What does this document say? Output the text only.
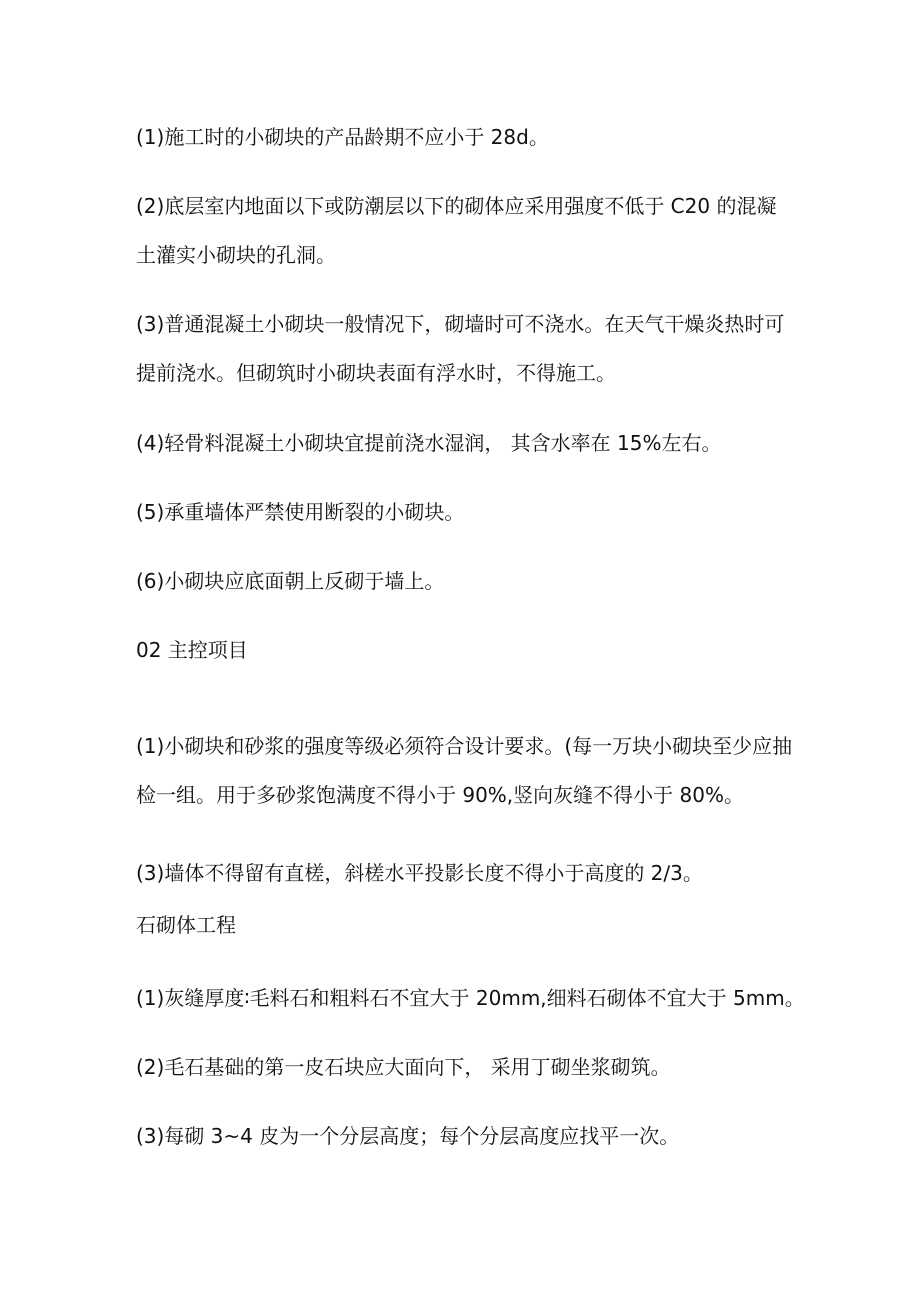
(1)施工时的小砌块的产品龄期不应小于 28d。
(2)底层室内地面以下或防潮层以下的砌体应采用强度不低于 C20 的混凝
土灌实小砌块的孔洞。
(3)普通混凝土小砌块一般情况下，砌墙时可不浇水。在天气干燥炎热时可
提前浇水。但砌筑时小砌块表面有浮水时，不得施工。
(4)轻骨料混凝土小砌块宜提前浇水湿润， 其含水率在 15%左右。
(5)承重墙体严禁使用断裂的小砌块。
(6)小砌块应底面朝上反砌于墙上。
02 主控项目
(1)小砌块和砂浆的强度等级必须符合设计要求。(每一万块小砌块至少应抽
检一组。用于多砂浆饱满度不得小于 90%,竖向灰缝不得小于 80%。
(3)墙体不得留有直槎，斜槎水平投影长度不得小于高度的 2∕3。
石砌体工程
(1)灰缝厚度∶毛料石和粗料石不宜大于 20mm,细料石砌体不宜大于 5mm。
(2)毛石基础的第一皮石块应大面向下， 采用丁砌坐浆砌筑。
(3)每砌 3~4 皮为一个分层高度；每个分层高度应找平一次。
